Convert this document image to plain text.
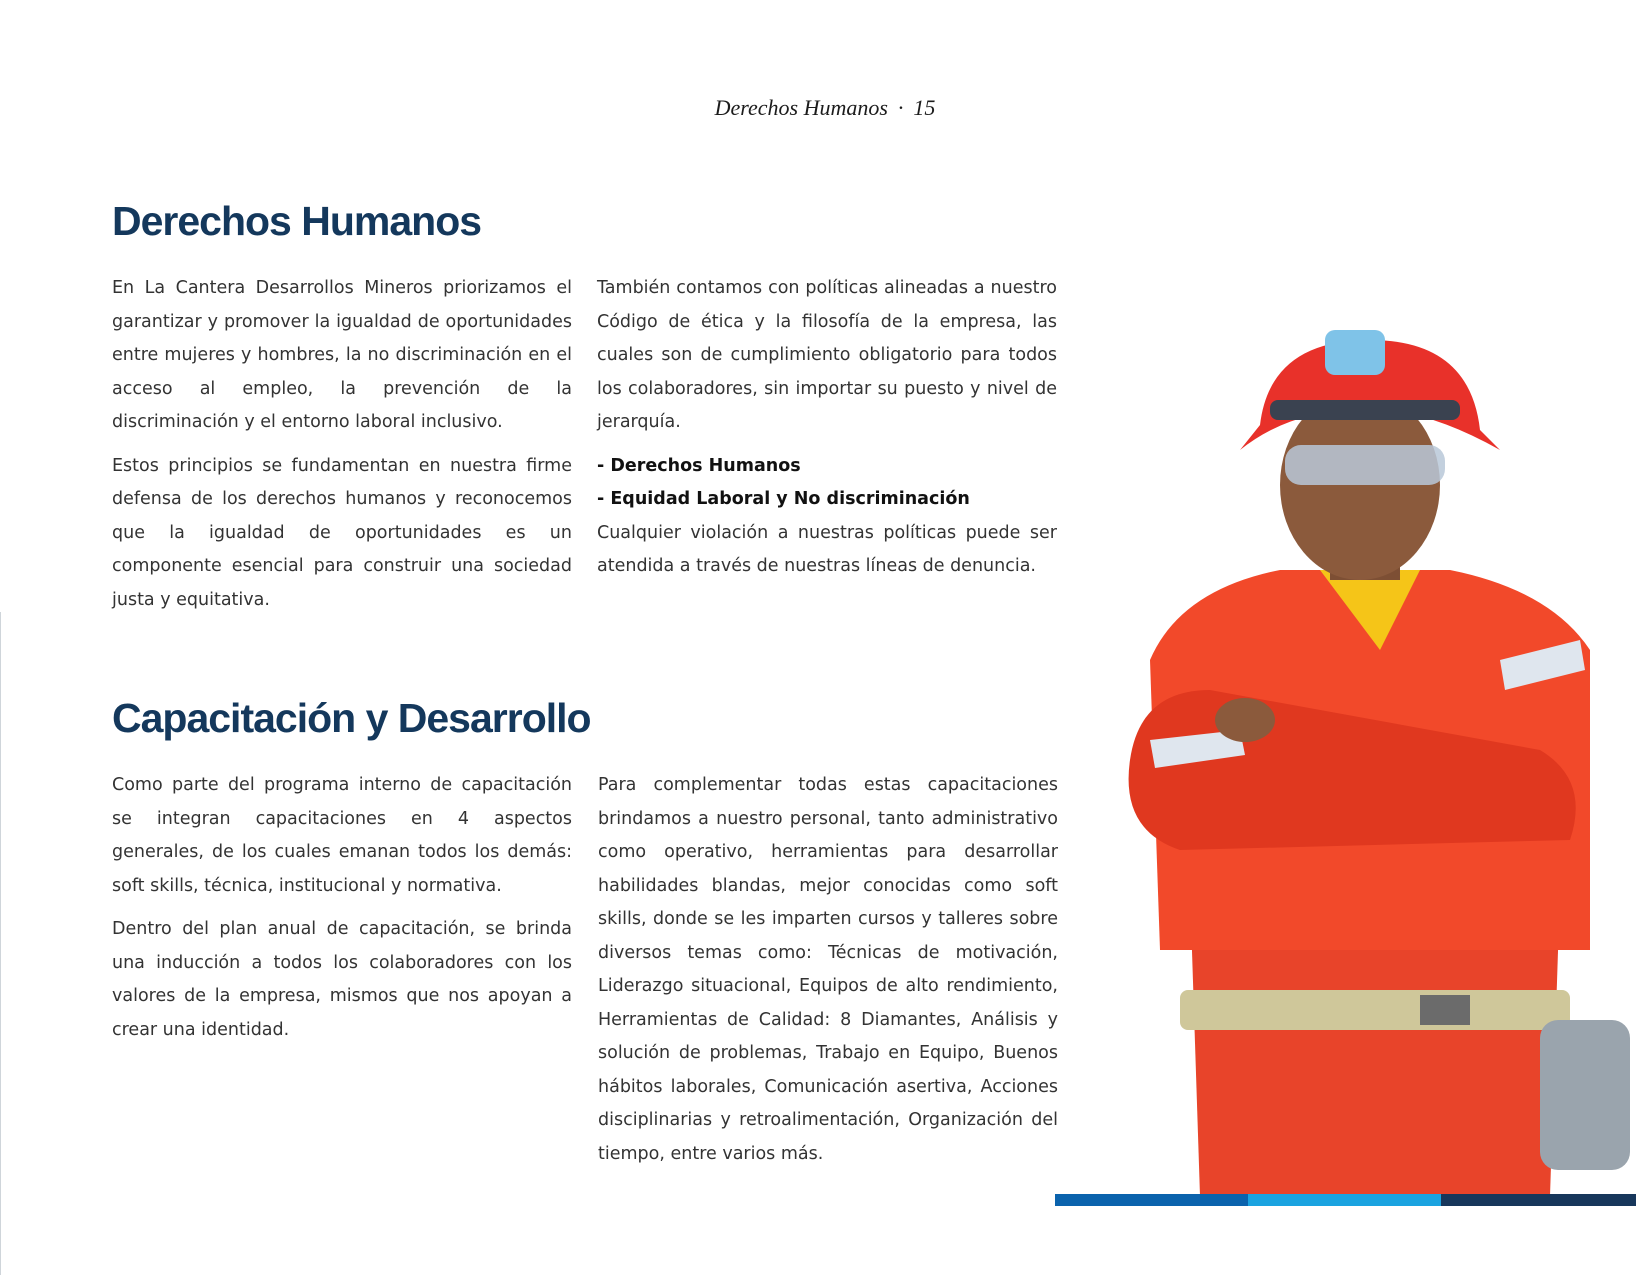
Derechos Humanos · 15
Derechos Humanos

En La Cantera Desarrollos Mineros priorizamos el garantizar y promover la igualdad de oportunidades entre mujeres y hombres, la no discriminación en el acceso al empleo, la prevención de la discriminación y el entorno laboral inclusivo.

Estos principios se fundamentan en nuestra firme defensa de los derechos humanos y reconocemos que la igualdad de oportunidades es un componente esencial para construir una sociedad justa y equitativa.

También contamos con políticas alineadas a nuestro Código de ética y la filosofía de la empresa, las cuales son de cumplimiento obligatorio para todos los colaboradores, sin importar su puesto y nivel de jerarquía.

- Derechos Humanos
- Equidad Laboral y No discriminación

Cualquier violación a nuestras políticas puede ser atendida a través de nuestras líneas de denuncia.

Capacitación y Desarrollo

Como parte del programa interno de capacitación se integran capacitaciones en 4 aspectos generales, de los cuales emanan todos los demás: soft skills, técnica, institucional y normativa.

Dentro del plan anual de capacitación, se brinda una inducción a todos los colaboradores con los valores de la empresa, mismos que nos apoyan a crear una identidad.

Para complementar todas estas capacitaciones brindamos a nuestro personal, tanto administrativo como operativo, herramientas para desarrollar habilidades blandas, mejor conocidas como soft skills, donde se les imparten cursos y talleres sobre diversos temas como: Técnicas de motivación, Liderazgo situacional, Equipos de alto rendimiento, Herramientas de Calidad: 8 Diamantes, Análisis y solución de problemas, Trabajo en Equipo, Buenos hábitos laborales, Comunicación asertiva, Acciones disciplinarias y retroalimentación, Organización del tiempo, entre varios más.
